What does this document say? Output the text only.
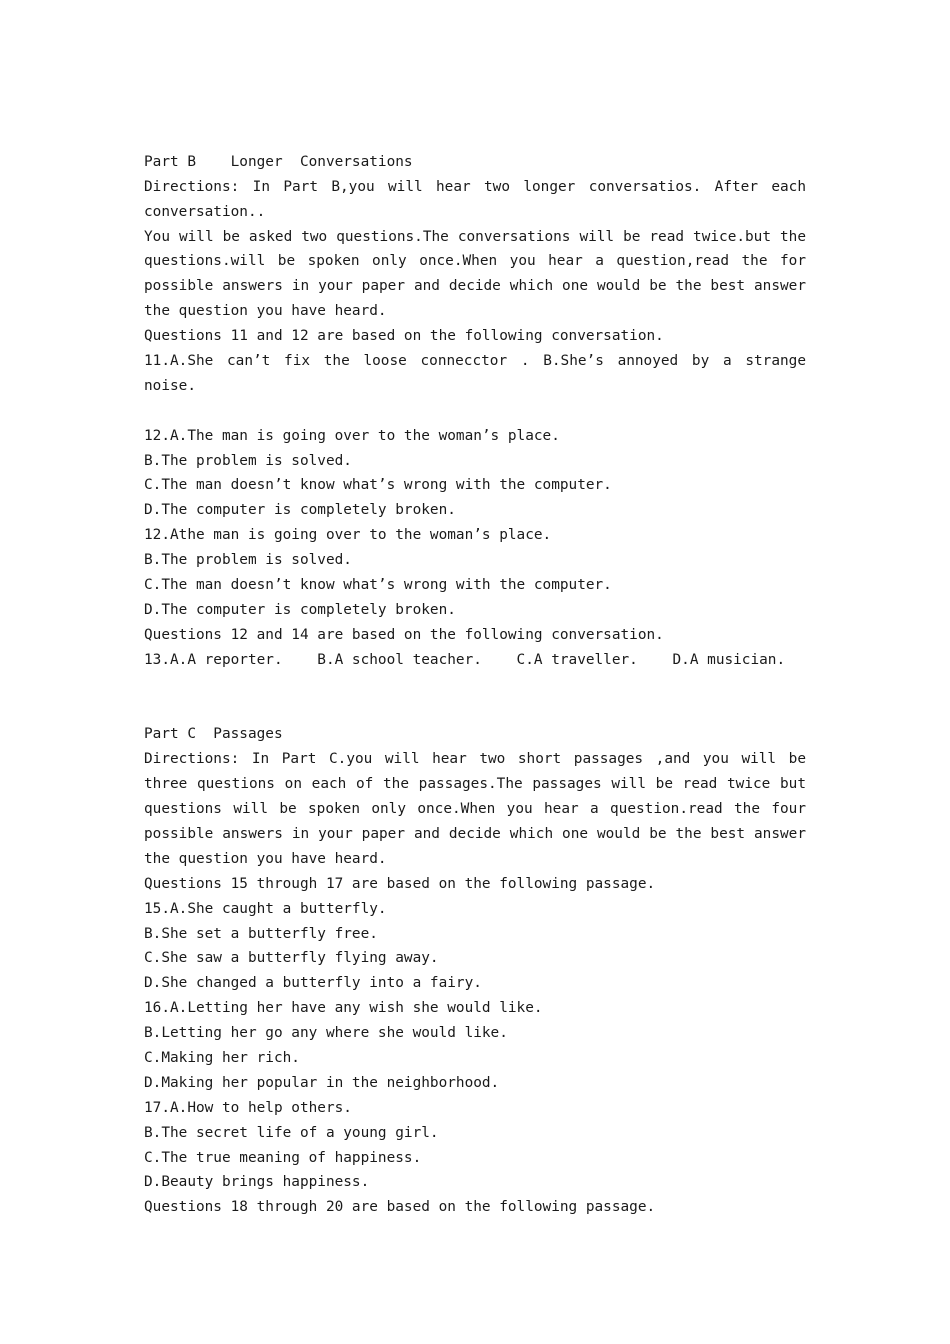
Part B    Longer  Conversations
Directions: In Part B,you will hear two longer conversatios. After each
conversation..
You will be asked two questions.The conversations will be read twice.but the
questions.will be spoken only once.When you hear a question,read the for
possible answers in your paper and decide which one would be the best answer
the question you have heard.
Questions 11 and 12 are based on the following conversation.
11.A.She can’t fix the loose connecctor . B.She’s annoyed by a strange
noise.

12.A.The man is going over to the woman’s place.
B.The problem is solved.
C.The man doesn’t know what’s wrong with the computer.
D.The computer is completely broken.
12.Athe man is going over to the woman’s place.
B.The problem is solved.
C.The man doesn’t know what’s wrong with the computer.
D.The computer is completely broken.
Questions 12 and 14 are based on the following conversation.
13.A.A reporter.    B.A school teacher.    C.A traveller.    D.A musician.

Part C  Passages
Directions: In Part C.you will hear two short passages ,and you will be
three questions on each of the passages.The passages will be read twice but
questions will be spoken only once.When you hear a question.read the four
possible answers in your paper and decide which one would be the best answer
the question you have heard.
Questions 15 through 17 are based on the following passage.
15.A.She caught a butterfly.
B.She set a butterfly free.
C.She saw a butterfly flying away.
D.She changed a butterfly into a fairy.
16.A.Letting her have any wish she would like.
B.Letting her go any where she would like.
C.Making her rich.
D.Making her popular in the neighborhood.
17.A.How to help others.
B.The secret life of a young girl.
C.The true meaning of happiness.
D.Beauty brings happiness.
Questions 18 through 20 are based on the following passage.
